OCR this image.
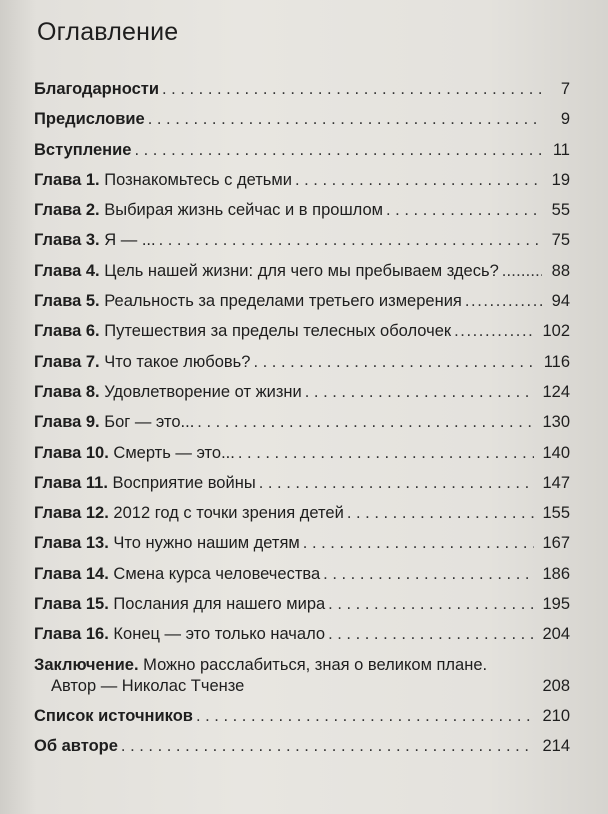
Оглавление
Благодарности . . .	7
Предисловие . . .	9
Вступление . . .	11
Глава 1. Познакомьтесь с детьми . . .	19
Глава 2. Выбирая жизнь сейчас и в прошлом . . .	55
Глава 3. Я — ... . . .	75
Глава 4. Цель нашей жизни: для чего мы пребываем здесь? . . .	88
Глава 5. Реальность за пределами третьего измерения . . .	94
Глава 6. Путешествия за пределы телесных оболочек . . .	102
Глава 7. Что такое любовь? . . .	116
Глава 8. Удовлетворение от жизни . . .	124
Глава 9. Бог — это... . . .	130
Глава 10. Смерть — это... . . .	140
Глава 11. Восприятие войны . . .	147
Глава 12. 2012 год с точки зрения детей . . .	155
Глава 13. Что нужно нашим детям . . .	167
Глава 14. Смена курса человечества . . .	186
Глава 15. Послания для нашего мира . . .	195
Глава 16. Конец — это только начало . . .	204
Заключение. Можно расслабиться, зная о великом плане.
Автор — Николас Тчензе	208
Список источников . . .	210
Об авторе . . .	214
